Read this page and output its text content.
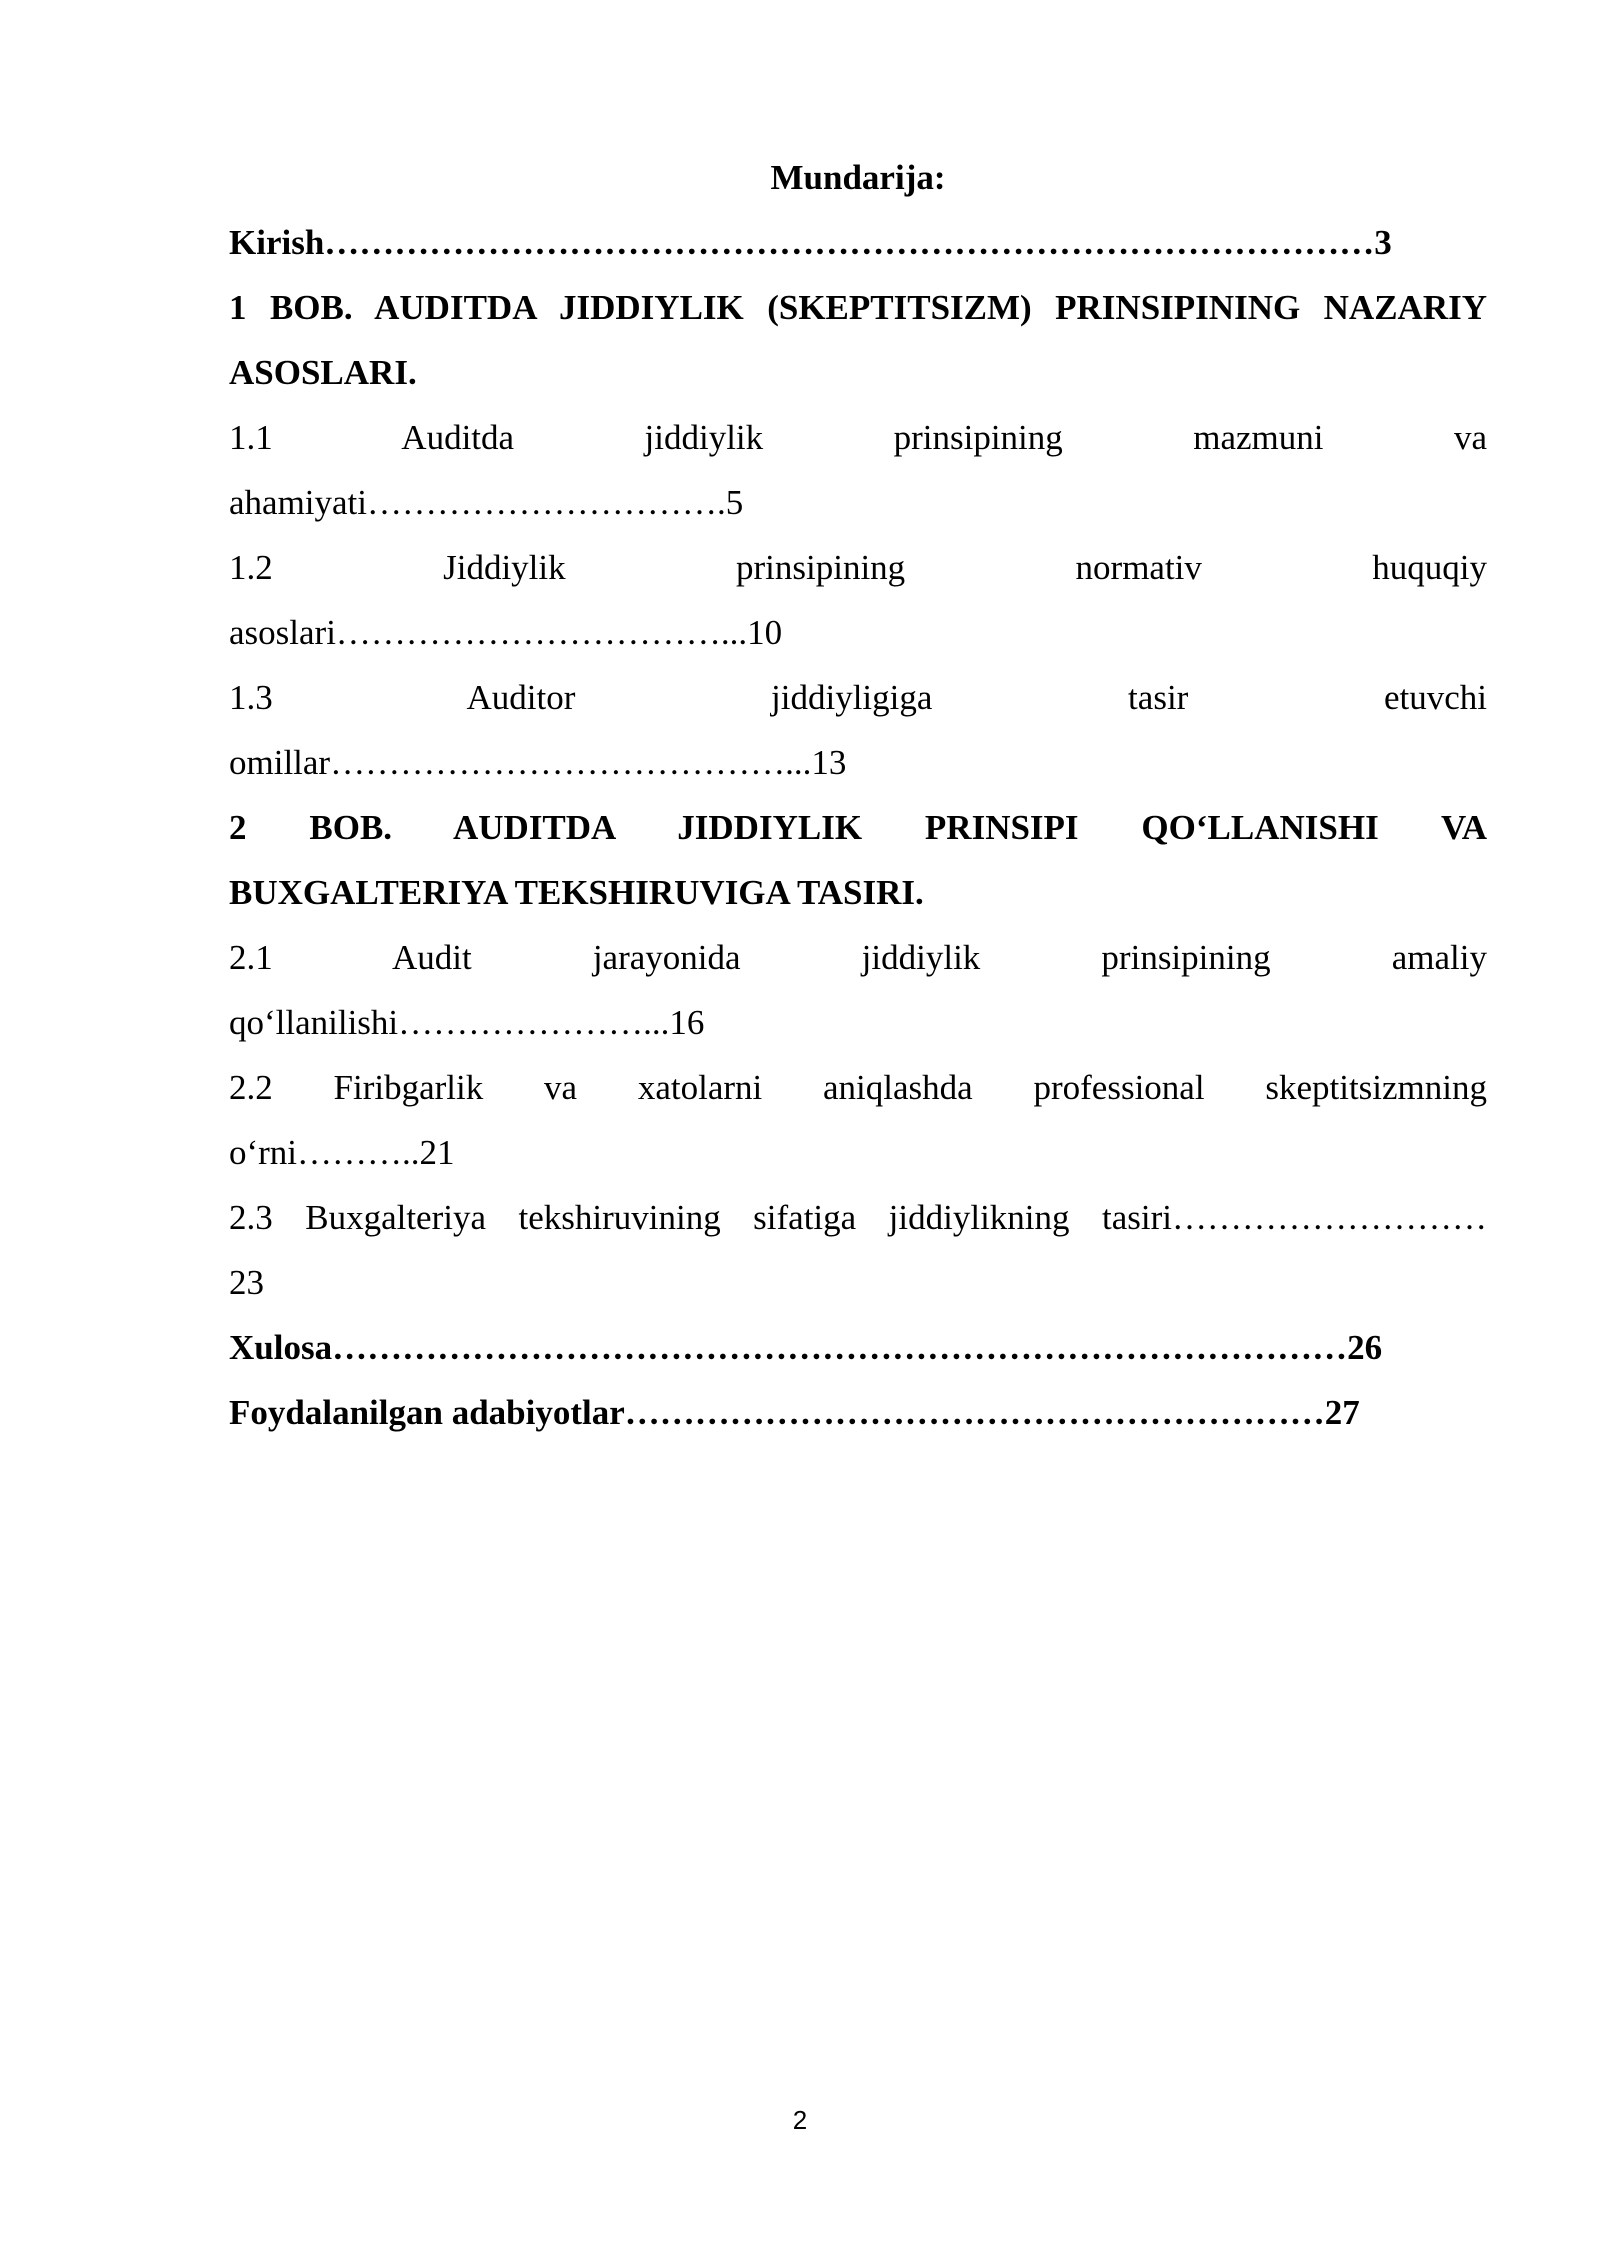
Mundarija:
Kirish………………………………………………………………………………3
1 BOB. AUDITDA JIDDIYLIK (SKEPTITSIZM) PRINSIPINING NAZARIY
ASOSLARI.
1.1 Auditda jiddiylik prinsipining mazmuni va
ahamiyati………………………….5
1.2 Jiddiylik prinsipining normativ huquqiy
asoslari……………………………...10
1.3 Auditor jiddiyligiga tasir etuvchi
omillar…………………………………...13
2 BOB. AUDITDA JIDDIYLIK PRINSIPI QO‘LLANISHI VA
BUXGALTERIYA TEKSHIRUVIGA TASIRI.
2.1 Audit jarayonida jiddiylik prinsipining amaliy
qo‘llanilishi…………………...16
2.2 Firibgarlik va xatolarni aniqlashda professional skeptitsizmning
o‘rni………..21
2.3 Buxgalteriya tekshiruvining sifatiga jiddiylikning tasiri………………………
23
Xulosa……………………………………………………………………………26
Foydalanilgan adabiyotlar……………………………………………………27
2
